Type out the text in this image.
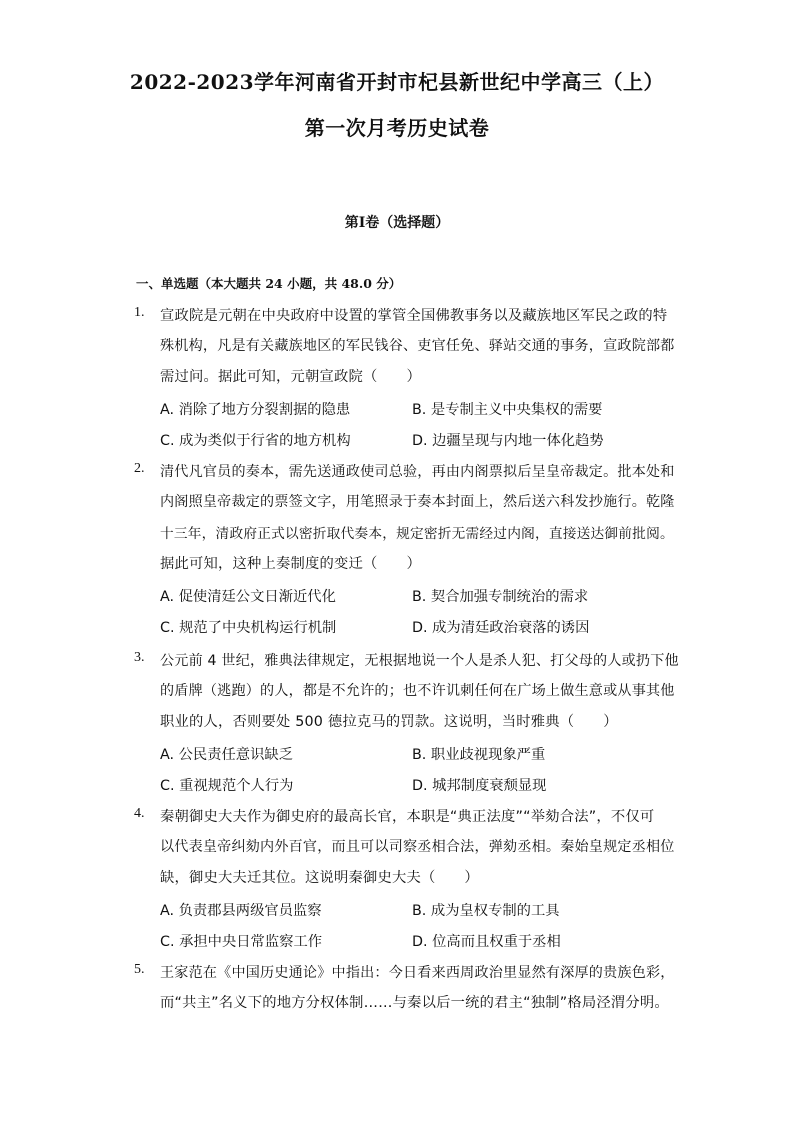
2022-2023学年河南省开封市杞县新世纪中学高三（上）
第一次月考历史试卷
第I卷（选择题）
一、单选题（本大题共 24 小题，共 48.0 分）
1. 宣政院是元朝在中央政府中设置的掌管全国佛教事务以及藏族地区军民之政的特
殊机构，凡是有关藏族地区的军民钱谷、吏官任免、驿站交通的事务，宣政院部都
需过问。据此可知，元朝宣政院（　　）
A. 消除了地方分裂割据的隐患	B. 是专制主义中央集权的需要
C. 成为类似于行省的地方机构	D. 边疆呈现与内地一体化趋势
2. 清代凡官员的奏本，需先送通政使司总验，再由内阁票拟后呈皇帝裁定。批本处和
内阁照皇帝裁定的票签文字，用笔照录于奏本封面上，然后送六科发抄施行。乾隆
十三年，清政府正式以密折取代奏本，规定密折无需经过内阁，直接送达御前批阅。
据此可知，这种上奏制度的变迁（　　）
A. 促使清廷公文日渐近代化	B. 契合加强专制统治的需求
C. 规范了中央机构运行机制	D. 成为清廷政治衰落的诱因
3. 公元前 4 世纪，雅典法律规定，无根据地说一个人是杀人犯、打父母的人或扔下他
的盾牌（逃跑）的人，都是不允许的；也不许讥刺任何在广场上做生意或从事其他
职业的人，否则要处 500 德拉克马的罚款。这说明，当时雅典（　　）
A. 公民责任意识缺乏	B. 职业歧视现象严重
C. 重视规范个人行为	D. 城邦制度衰颓显现
4. 秦朝御史大夫作为御史府的最高长官，本职是“典正法度”“举劾合法”，不仅可
以代表皇帝纠劾内外百官，而且可以司察丞相合法，弹劾丞相。秦始皇规定丞相位
缺，御史大夫迁其位。这说明秦御史大夫（　　）
A. 负责郡县两级官员监察	B. 成为皇权专制的工具
C. 承担中央日常监察工作	D. 位高而且权重于丞相
5. 王家范在《中国历史通论》中指出：今日看来西周政治里显然有深厚的贵族色彩，
而“共主”名义下的地方分权体制……与秦以后一统的君主“独制”格局泾渭分明。
